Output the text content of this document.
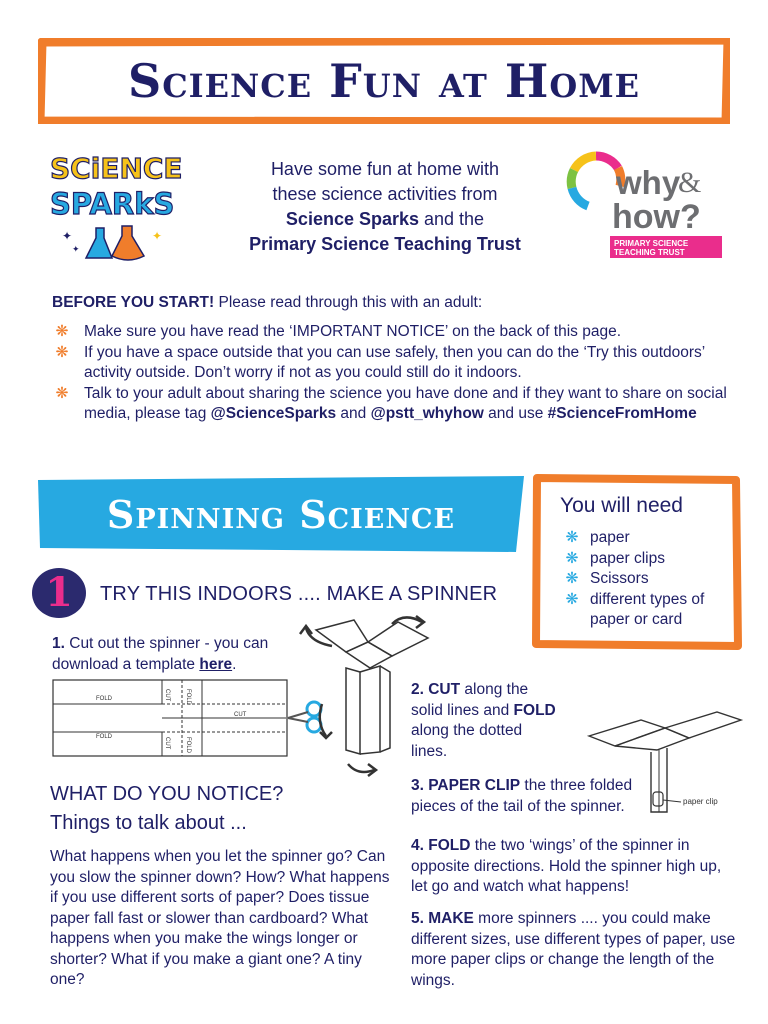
Science Fun at Home
SCiENCE
SPARkS
✦	✦
✦
why
&
how?
PRIMARY SCIENCE
TEACHING TRUST
Have some fun at home with
these science activities from
Science Sparks and the
Primary Science Teaching Trust
BEFORE YOU START! Please read through this with an adult:
❋ Make sure you have read the ‘IMPORTANT NOTICE’ on the back of this page.
❋ If you have a space outside that you can use safely, then you can do the ‘Try this outdoors’ activity outside. Don’t worry if not as you could still do it indoors.
❋ Talk to your adult about sharing the science you have done and if they want to share on social media, please tag @ScienceSparks and @pstt_whyhow and use #ScienceFromHome
Spinning Science	You will need
❋ paper
❋ paper clips
❋ Scissors
❋ different types of paper or card
1	TRY THIS INDOORS .... MAKE A SPINNER
1. Cut out the spinner - you can download a template here.
FOLD
FOLD
CUT
CUT
CUT
FOLD
FOLD
2. CUT along the solid lines and FOLD along the dotted lines.
paper clip
3. PAPER CLIP the three folded pieces of the tail of the spinner.
4. FOLD the two ‘wings’ of the spinner in opposite directions. Hold the spinner high up, let go and watch what happens!
5. MAKE more spinners .... you could make different sizes, use different types of paper, use more paper clips or change the length of the wings.
WHAT DO YOU NOTICE?
Things to talk about ...
What happens when you let the spinner go? Can you slow the spinner down? How? What happens if you use different sorts of paper? Does tissue paper fall fast or slower than cardboard? What happens when you make the wings longer or shorter? What if you make a giant one? A tiny one?
